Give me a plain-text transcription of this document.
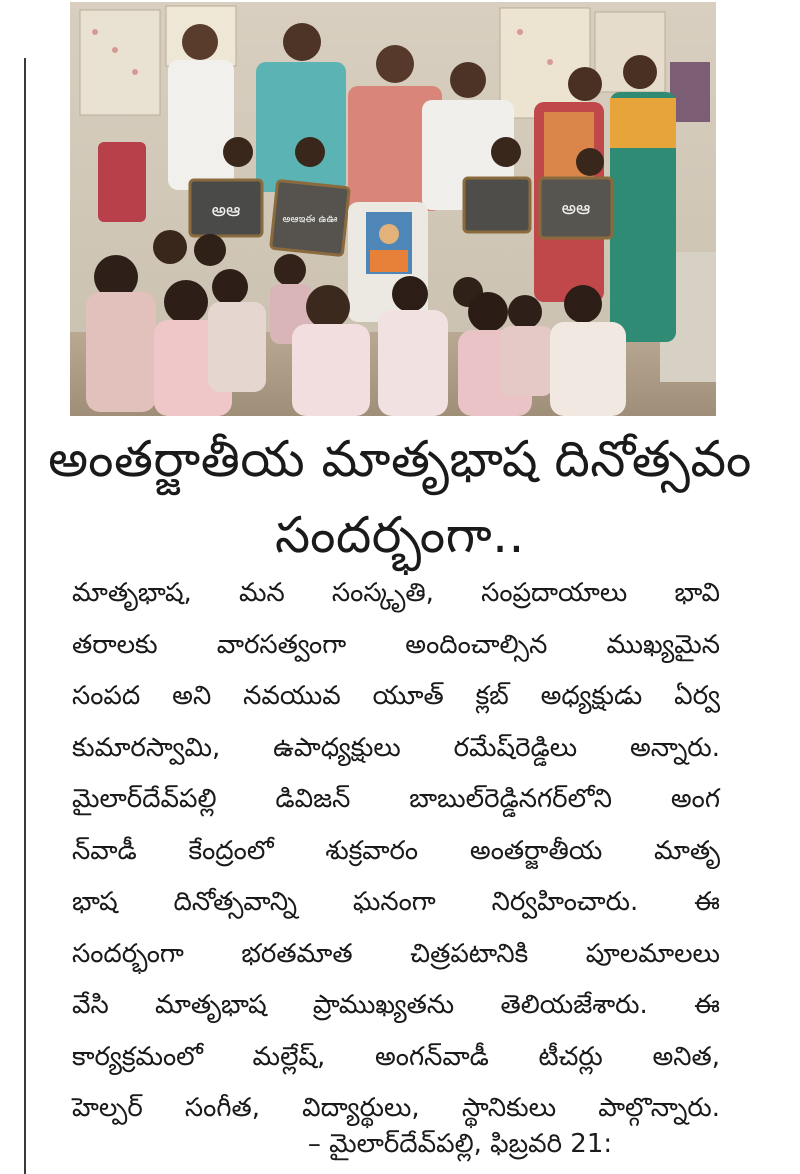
అఆ	అఆఇఈ ఉఊ
అఆ
అంతర్జాతీయ మాతృభాష దినోత్సవం
సందర్భంగా..
మాతృభాష, మన సంస్కృతి, సంప్రదాయాలు భావి
తరాలకు వారసత్వంగా అందించాల్సిన ముఖ్యమైన
సంపద అని నవయువ యూత్ క్లబ్ అధ్యక్షుడు ఏర్వ
కుమారస్వామి, ఉపాధ్యక్షులు రమేష్‌రెడ్డిలు అన్నారు.
మైలార్‌దేవ్‌పల్లి డివిజన్ బాబుల్‌రెడ్డినగర్‌లోని అంగ
న్‌వాడీ కేంద్రంలో శుక్రవారం అంతర్జాతీయ మాతృ
భాష దినోత్సవాన్ని ఘనంగా నిర్వహించారు. ఈ
సందర్భంగా భరతమాత చిత్రపటానికి పూలమాలలు
వేసి మాతృభాష ప్రాముఖ్యతను తెలియజేశారు. ఈ
కార్యక్రమంలో మల్లేష్, అంగన్‌వాడీ టీచర్లు అనిత,
హెల్పర్ సంగీత, విద్యార్థులు, స్థానికులు పాల్గొన్నారు.
– మైలార్‌దేవ్‌పల్లి, ఫిబ్రవరి 21:
